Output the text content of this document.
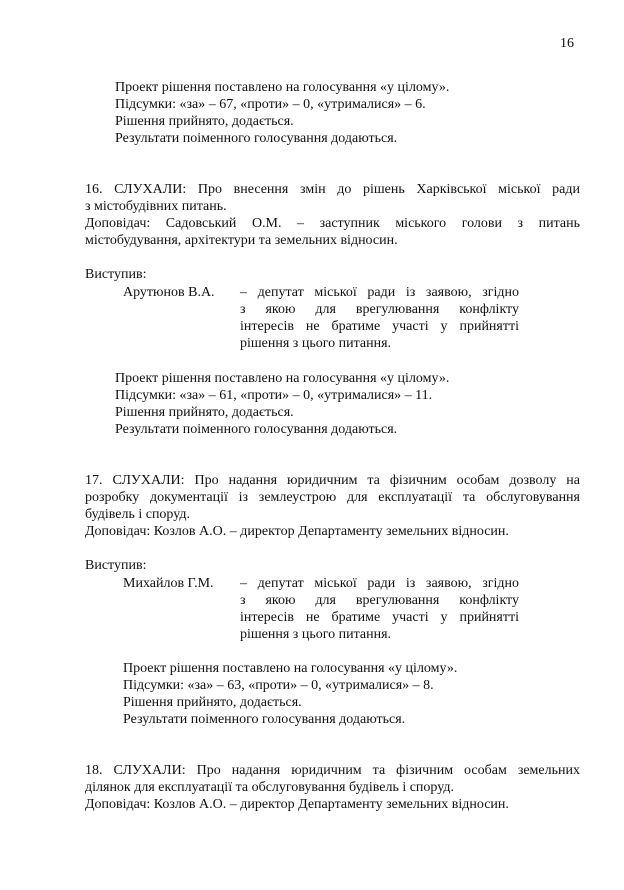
16
Проект рішення поставлено на голосування «у цілому».
Підсумки: «за» – 67, «проти» – 0, «утрималися» – 6.
Рішення прийнято, додається.
Результати поіменного голосування додаються.
16. СЛУХАЛИ: Про внесення змін до рішень Харківської міської ради
з містобудівних питань.
Доповідач: Садовський О.М. – заступник міського голови з питань
містобудування, архітектури та земельних відносин.
Виступив:
Арутюнов В.А. – депутат міської ради із заявою, згідно
з якою для врегулювання конфлікту
інтересів не братиме участі у прийнятті
рішення з цього питання.
Проект рішення поставлено на голосування «у цілому».
Підсумки: «за» – 61, «проти» – 0, «утрималися» – 11.
Рішення прийнято, додається.
Результати поіменного голосування додаються.
17. СЛУХАЛИ: Про надання юридичним та фізичним особам дозволу на
розробку документації із землеустрою для експлуатації та обслуговування
будівель і споруд.
Доповідач: Козлов А.О. – директор Департаменту земельних відносин.
Виступив:
Михайлов Г.М. – депутат міської ради із заявою, згідно
з якою для врегулювання конфлікту
інтересів не братиме участі у прийнятті
рішення з цього питання.
Проект рішення поставлено на голосування «у цілому».
Підсумки: «за» – 63, «проти» – 0, «утрималися» – 8.
Рішення прийнято, додається.
Результати поіменного голосування додаються.
18. СЛУХАЛИ: Про надання юридичним та фізичним особам земельних
ділянок для експлуатації та обслуговування будівель і споруд.
Доповідач: Козлов А.О. – директор Департаменту земельних відносин.
